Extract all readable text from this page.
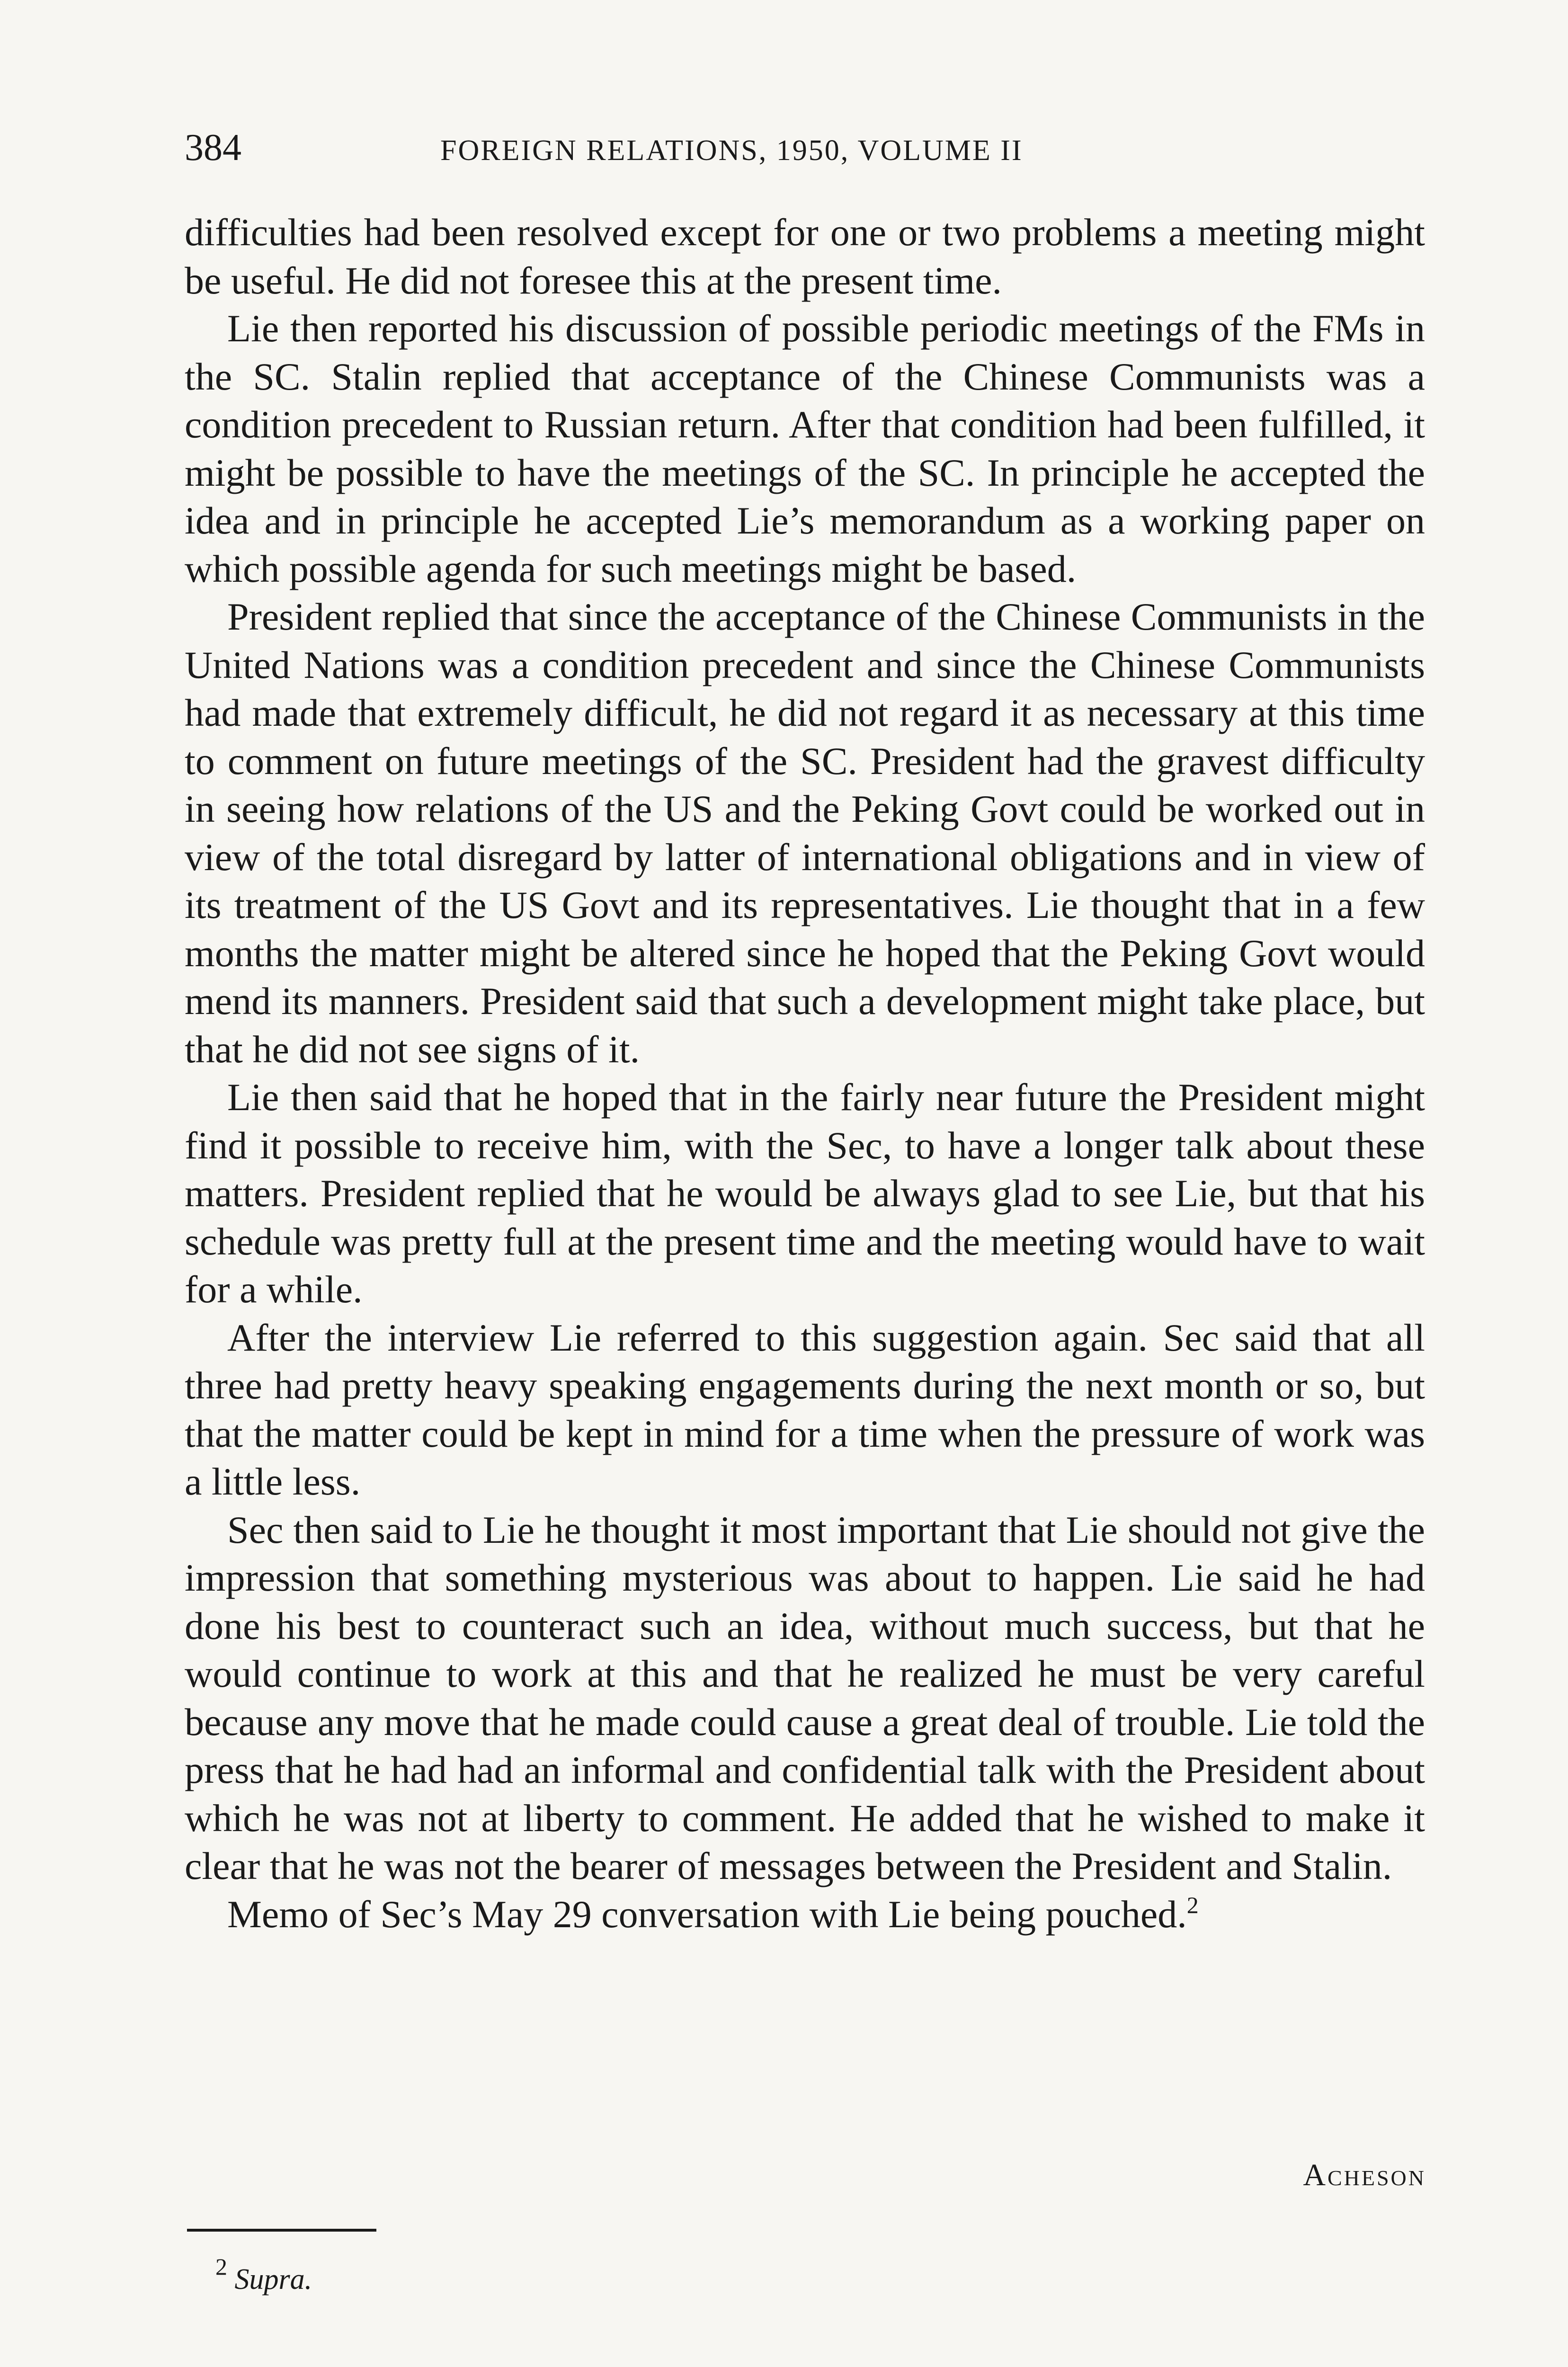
384	FOREIGN RELATIONS, 1950, VOLUME II

difficulties had been resolved except for one or two problems a meeting might be useful. He did not foresee this at the present time.

Lie then reported his discussion of possible periodic meetings of the FMs in the SC. Stalin replied that acceptance of the Chinese Communists was a condition precedent to Russian return. After that condition had been fulfilled, it might be possible to have the meetings of the SC. In principle he accepted the idea and in principle he accepted Lie’s memorandum as a working paper on which possible agenda for such meetings might be based.

President replied that since the acceptance of the Chinese Communists in the United Nations was a condition precedent and since the Chinese Communists had made that extremely difficult, he did not regard it as necessary at this time to comment on future meetings of the SC. President had the gravest difficulty in seeing how relations of the US and the Peking Govt could be worked out in view of the total disregard by latter of international obligations and in view of its treatment of the US Govt and its representatives. Lie thought that in a few months the matter might be altered since he hoped that the Peking Govt would mend its manners. President said that such a development might take place, but that he did not see signs of it.

Lie then said that he hoped that in the fairly near future the President might find it possible to receive him, with the Sec, to have a longer talk about these matters. President replied that he would be always glad to see Lie, but that his schedule was pretty full at the present time and the meeting would have to wait for a while.

After the interview Lie referred to this suggestion again. Sec said that all three had pretty heavy speaking engagements during the next month or so, but that the matter could be kept in mind for a time when the pressure of work was a little less.

Sec then said to Lie he thought it most important that Lie should not give the impression that something mysterious was about to happen. Lie said he had done his best to counteract such an idea, without much success, but that he would continue to work at this and that he realized he must be very careful because any move that he made could cause a great deal of trouble. Lie told the press that he had had an informal and confidential talk with the President about which he was not at liberty to comment. He added that he wished to make it clear that he was not the bearer of messages between the President and Stalin.

Memo of Sec’s May 29 conversation with Lie being pouched.$^2$

Acheson
$^2$ Supra.
